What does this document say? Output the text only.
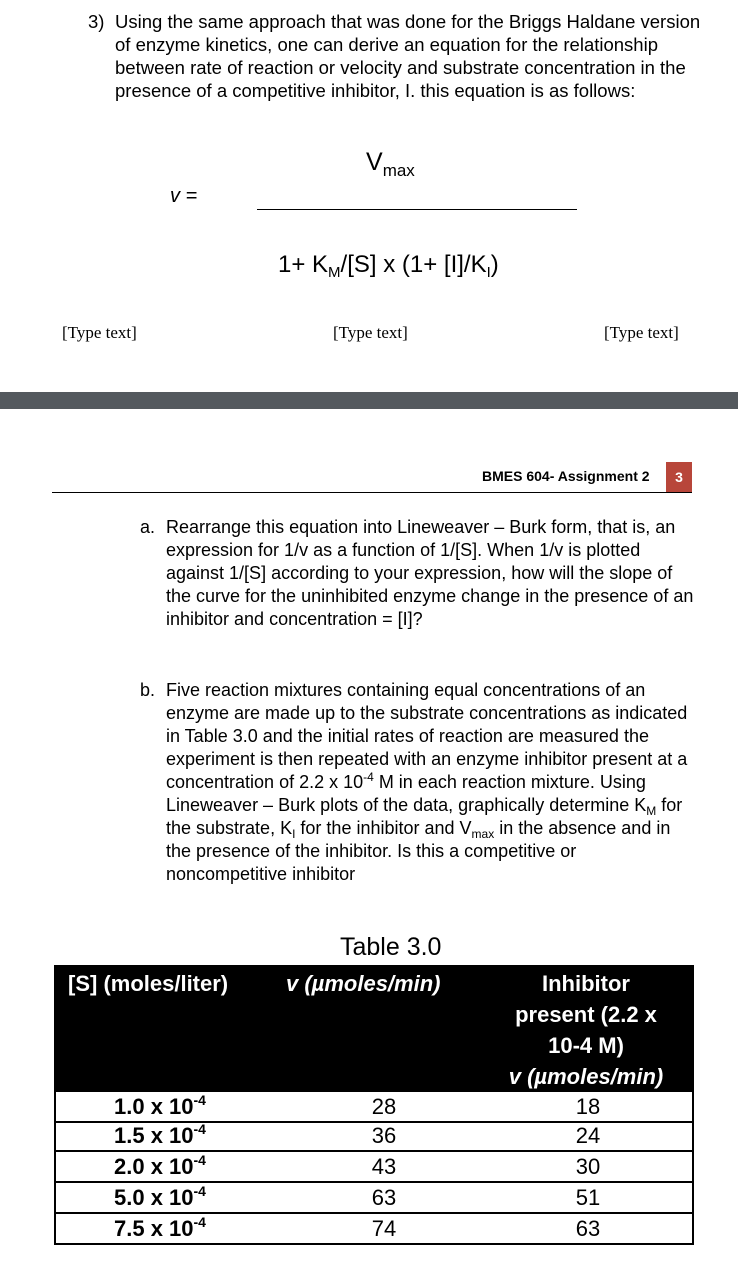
3) Using the same approach that was done for the Briggs Haldane version of enzyme kinetics, one can derive an equation for the relationship between rate of reaction or velocity and substrate concentration in the presence of a competitive inhibitor, I. this equation is as follows:
v =
$V_{max}$
$1+ K_M/[S]$ x $(1+ [I]/K_I)$
[Type text]	[Type text]	[Type text]
BMES 604- Assignment 2	3
a. Rearrange this equation into Lineweaver – Burk form, that is, an expression for 1/v as a function of 1/[S]. When 1/v is plotted against 1/[S] according to your expression, how will the slope of the curve for the uninhibited enzyme change in the presence of an inhibitor and concentration = [I]?
b. Five reaction mixtures containing equal concentrations of an enzyme are made up to the substrate concentrations as indicated in Table 3.0 and the initial rates of reaction are measured the experiment is then repeated with an enzyme inhibitor present at a concentration of 2.2 x $10^{-4}$ M in each reaction mixture. Using Lineweaver – Burk plots of the data, graphically determine $K_M$ for the substrate, $K_I$ for the inhibitor and $V_{max}$ in the absence and in the presence of the inhibitor. Is this a competitive or noncompetitive inhibitor
Table 3.0
[S] (moles/liter)	v (µmoles/min)	Inhibitor
present (2.2 x
10-4 M)
v (µmoles/min)
1.0 x $10^{-4}$	28	18
1.5 x $10^{-4}$	36	24
2.0 x $10^{-4}$	43	30
5.0 x $10^{-4}$	63	51
7.5 x $10^{-4}$	74	63
